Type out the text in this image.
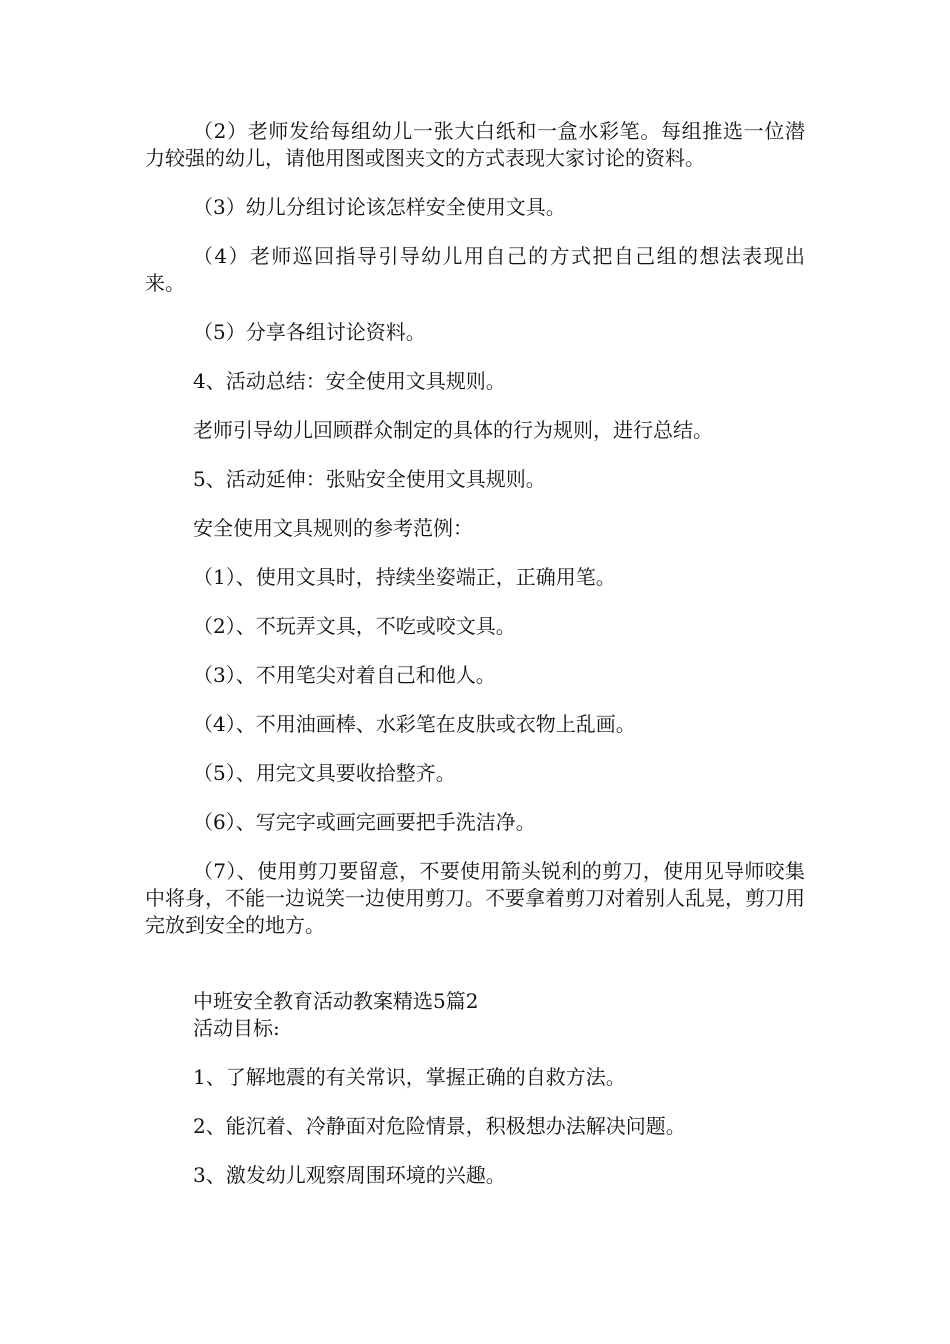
（2）老师发给每组幼儿一张大白纸和一盒水彩笔。每组推选一位潜力较强的幼儿，请他用图或图夹文的方式表现大家讨论的资料。

（3）幼儿分组讨论该怎样安全使用文具。

（4）老师巡回指导引导幼儿用自己的方式把自己组的想法表现出来。

（5）分享各组讨论资料。

4、活动总结：安全使用文具规则。

老师引导幼儿回顾群众制定的具体的行为规则，进行总结。

5、活动延伸：张贴安全使用文具规则。

安全使用文具规则的参考范例：

（1）、使用文具时，持续坐姿端正，正确用笔。

（2）、不玩弄文具，不吃或咬文具。

（3）、不用笔尖对着自己和他人。

（4）、不用油画棒、水彩笔在皮肤或衣物上乱画。

（5）、用完文具要收拾整齐。

（6）、写完字或画完画要把手洗洁净。

（7）、使用剪刀要留意，不要使用箭头锐利的剪刀，使用见导师咬集中将身，不能一边说笑一边使用剪刀。不要拿着剪刀对着别人乱晃，剪刀用完放到安全的地方。

中班安全教育活动教案精选5篇2

活动目标:

1、了解地震的有关常识，掌握正确的自救方法。

2、能沉着、冷静面对危险情景，积极想办法解决问题。

3、激发幼儿观察周围环境的兴趣。
